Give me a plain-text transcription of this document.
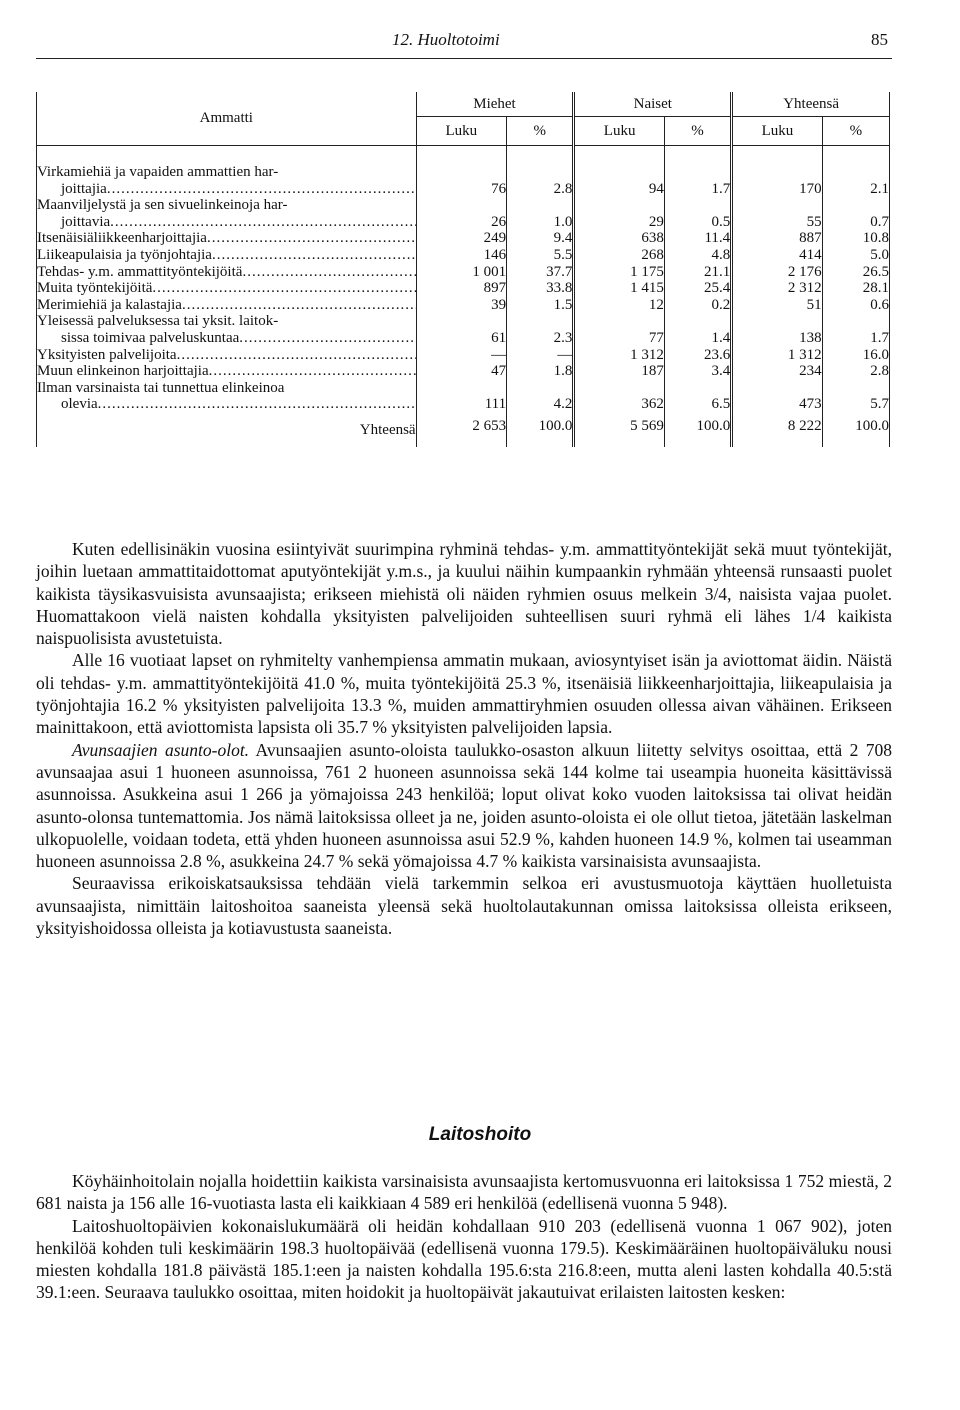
12. Huoltotoimi	85
Ammatti	Miehet		Naiset		Yhteensä	
	Luku	%	Luku	%	Luku	%

Virkamiehiä ja vapaiden ammattien har-						
joittajia .....	76	2.8	94	1.7	170	2.1
Maanviljelystä ja sen sivuelinkeinoja har-						
joittavia .....	26	1.0	29	0.5	55	0.7
Itsenäisiäliikkeenharjoittajia .....	249	9.4	638	11.4	887	10.8
Liikeapulaisia ja työnjohtajia .....	146	5.5	268	4.8	414	5.0
Tehdas- y.m. ammattityöntekijöitä .....	1 001	37.7	1 175	21.1	2 176	26.5
Muita työntekijöitä .....	897	33.8	1 415	25.4	2 312	28.1
Merimiehiä ja kalastajia .....	39	1.5	12	0.2	51	0.6
Yleisessä palveluksessa tai yksit. laitok-						
sissa toimivaa palveluskuntaa .....	61	2.3	77	1.4	138	1.7
Yksityisten palvelijoita .....	—	—	1 312	23.6	1 312	16.0
Muun elinkeinon harjoittajia .....	47	1.8	187	3.4	234	2.8
Ilman varsinaista tai tunnettua elinkeinoa						
olevia .....	111	4.2	362	6.5	473	5.7
Yhteensä	2 653	100.0	5 569	100.0	8 222	100.0

Kuten edellisinäkin vuosina esiintyivät suurimpina ryhminä tehdas- y.m. ammattityöntekijät sekä muut työntekijät, joihin luetaan ammattitaidottomat aputyöntekijät y.m.s., ja kuului näihin kumpaankin ryhmään yhteensä runsaasti puolet kaikista täysikasvuisista avunsaajista; erikseen miehistä oli näiden ryhmien osuus melkein 3/4, naisista vajaa puolet. Huomattakoon vielä naisten kohdalla yksityisten palvelijoiden suhteellisen suuri ryhmä eli lähes 1/4 kaikista naispuolisista avustetuista.

Alle 16 vuotiaat lapset on ryhmitelty vanhempiensa ammatin mukaan, aviosyntyiset isän ja aviottomat äidin. Näistä oli tehdas- y.m. ammattityöntekijöitä 41.0 %, muita työntekijöitä 25.3 %, itsenäisiä liikkeenharjoittajia, liikeapulaisia ja työnjohtajia 16.2 % yksityisten palvelijoita 13.3 %, muiden ammattiryhmien osuuden ollessa aivan vähäinen. Erikseen mainittakoon, että aviottomista lapsista oli 35.7 % yksityisten palvelijoiden lapsia.

Avunsaajien asunto-olot. Avunsaajien asunto-oloista taulukko-osaston alkuun liitetty selvitys osoittaa, että 2 708 avunsaajaa asui 1 huoneen asunnoissa, 761 2 huoneen asunnoissa sekä 144 kolme tai useampia huoneita käsittävissä asunnoissa. Asukkeina asui 1 266 ja yömajoissa 243 henkilöä; loput olivat koko vuoden laitoksissa tai olivat heidän asunto-olonsa tuntemattomia. Jos nämä laitoksissa olleet ja ne, joiden asunto-oloista ei ole ollut tietoa, jätetään laskelman ulkopuolelle, voidaan todeta, että yhden huoneen asunnoissa asui 52.9 %, kahden huoneen 14.9 %, kolmen tai useamman huoneen asunnoissa 2.8 %, asukkeina 24.7 % sekä yömajoissa 4.7 % kaikista varsinaisista avunsaajista.

Seuraavissa erikoiskatsauksissa tehdään vielä tarkemmin selkoa eri avustusmuotoja käyttäen huolletuista avunsaajista, nimittäin laitoshoitoa saaneista yleensä sekä huoltolautakunnan omissa laitoksissa olleista erikseen, yksityishoidossa olleista ja kotiavustusta saaneista.

Laitoshoito

Köyhäinhoitolain nojalla hoidettiin kaikista varsinaisista avunsaajista kertomusvuonna eri laitoksissa 1 752 miestä, 2 681 naista ja 156 alle 16-vuotiasta lasta eli kaikkiaan 4 589 eri henkilöä (edellisenä vuonna 5 948).

Laitoshuoltopäivien kokonaislukumäärä oli heidän kohdallaan 910 203 (edellisenä vuonna 1 067 902), joten henkilöä kohden tuli keskimäärin 198.3 huoltopäivää (edellisenä vuonna 179.5). Keskimääräinen huoltopäiväluku nousi miesten kohdalla 181.8 päivästä 185.1:een ja naisten kohdalla 195.6:sta 216.8:een, mutta aleni lasten kohdalla 40.5:stä 39.1:een. Seuraava taulukko osoittaa, miten hoidokit ja huoltopäivät jakautuivat erilaisten laitosten kesken:
